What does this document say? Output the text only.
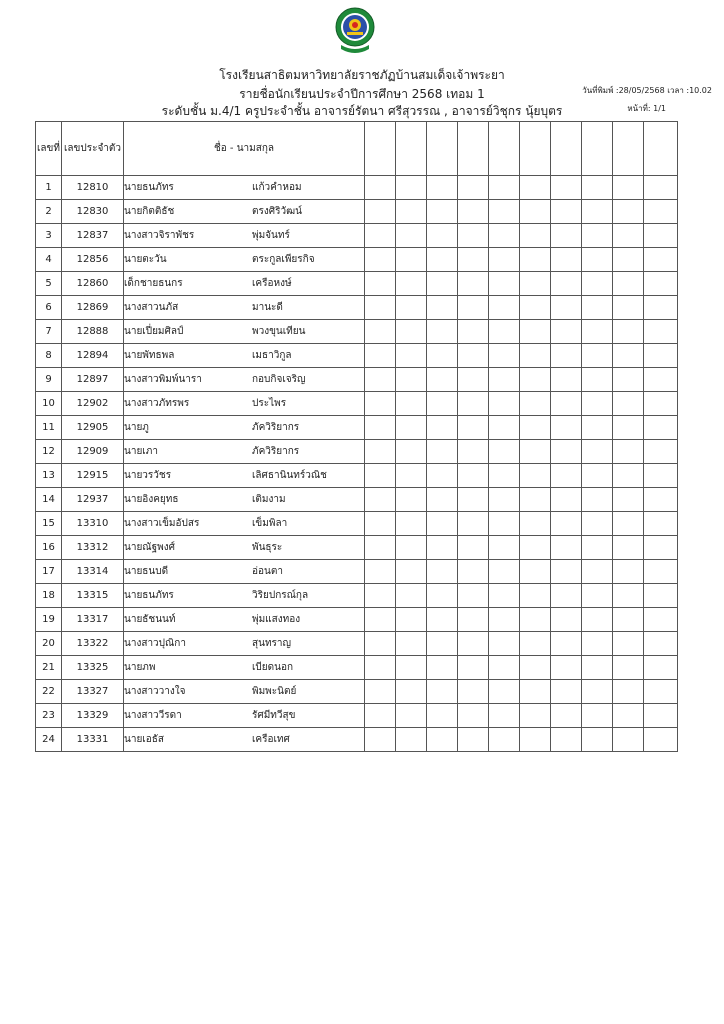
โรงเรียนสาธิตมหาวิทยาลัยราชภัฏบ้านสมเด็จเจ้าพระยา
รายชื่อนักเรียนประจำปีการศึกษา 2568 เทอม 1
ระดับชั้น ม.4/1 ครูประจำชั้น อาจารย์รัตนา ศรีสุวรรณ , อาจารย์วิชุกร นุ้ยบุตร
วันที่พิมพ์ :28/05/2568 เวลา :10.02
หน้าที่: 1/1
เลขที่	เลขประจำตัว	ชื่อ - นามสกุล										
1	12810	นายธนภัทร แก้วคำหอม										
2	12830	นายกิตติธัช ตรงศิริวัฒน์										
3	12837	นางสาวจิราพัชร พุ่มจันทร์										
4	12856	นายตะวัน ตระกูลเพียรกิจ										
5	12860	เด็กชายธนกร เครือหงษ์										
6	12869	นางสาวนภัส มานะดี										
7	12888	นายเปี่ยมศิลป์ พวงขุนเทียน										
8	12894	นายพัทธพล เมธาวิกูล										
9	12897	นางสาวพิมพ์นารา กอบกิจเจริญ										
10	12902	นางสาวภัทรพร ประไพร										
11	12905	นายภู ภัควิริยากร										
12	12909	นายเภา ภัควิริยากร										
13	12915	นายวรวัชร เลิศธานินทร์วณิช										
14	12937	นายอิงคยุทธ เติมงาม										
15	13310	นางสาวเข็มอัปสร เข็มพิลา										
16	13312	นายณัฐพงศ์ พันธุระ										
17	13314	นายธนบดี อ่อนตา										
18	13315	นายธนภัทร วิริยปกรณ์กุล										
19	13317	นายธัชนนท์ พุ่มแสงทอง										
20	13322	นางสาวปุณิกา สุนทราญ										
21	13325	นายภพ เบียดนอก										
22	13327	นางสาววางใจ พิมพะนิตย์										
23	13329	นางสาววีรดา รัศมีทวีสุข										
24	13331	นายเอธัส เครือเทศ										
